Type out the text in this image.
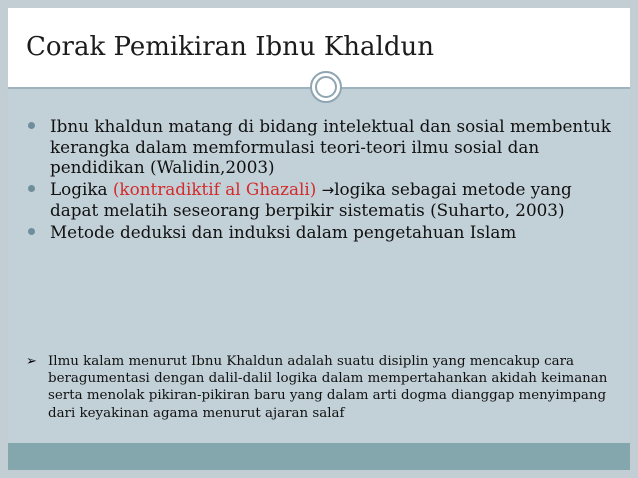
Corak Pemikiran Ibnu Khaldun
Ibnu khaldun matang di bidang intelektual dan sosial membentuk kerangka dalam memformulasi teori-teori ilmu sosial dan pendidikan (Walidin,2003)
Logika (kontradiktif al Ghazali) →logika sebagai metode yang dapat melatih seseorang berpikir sistematis (Suharto, 2003)
Metode deduksi dan induksi dalam pengetahuan Islam
➢ Ilmu kalam menurut Ibnu Khaldun adalah suatu disiplin yang mencakup cara beragumentasi dengan dalil-dalil logika dalam mempertahankan akidah keimanan serta menolak pikiran-pikiran baru yang dalam arti dogma dianggap menyimpang dari keyakinan agama menurut ajaran salaf
